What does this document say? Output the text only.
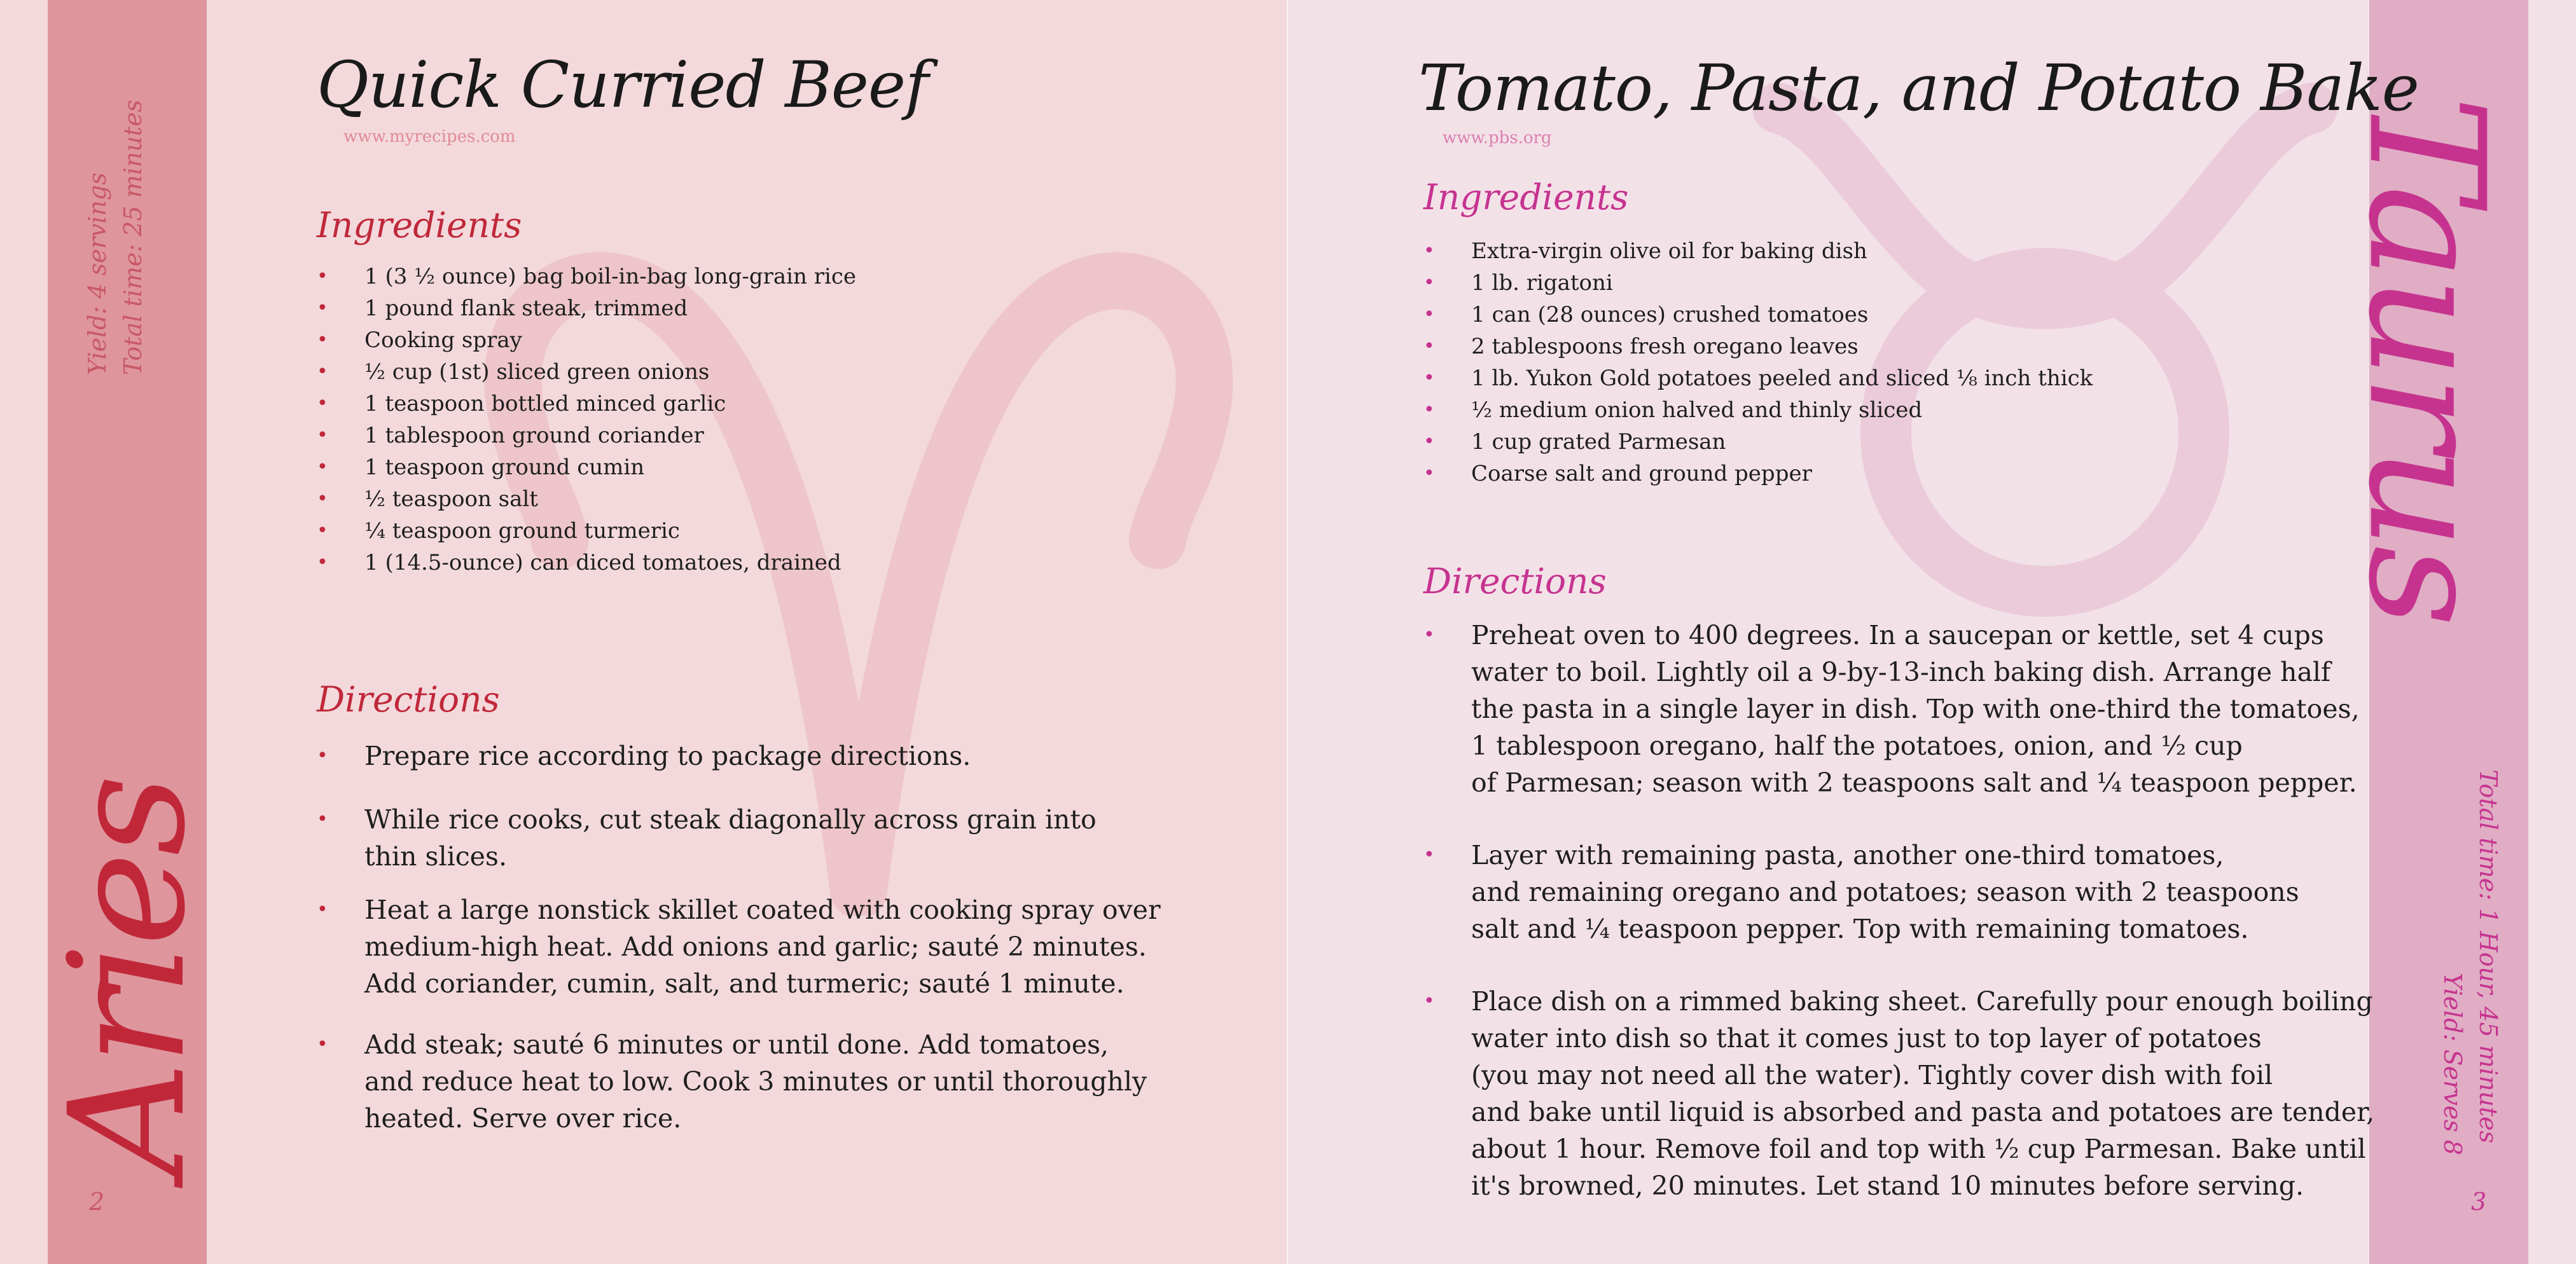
Yield: 4 servings Total time: 25 minutes
Aries
2
Quick Curried Beef
www.myrecipes.com
Ingredients
• 1 (3 ½ ounce) bag boil-in-bag long-grain rice
• 1 pound flank steak, trimmed
• Cooking spray
• ½ cup (1st) sliced green onions
• 1 teaspoon bottled minced garlic
• 1 tablespoon ground coriander
• 1 teaspoon ground cumin
• ½ teaspoon salt
• ¼ teaspoon ground turmeric
• 1 (14.5-ounce) can diced tomatoes, drained
Directions
• Prepare rice according to package directions.
• While rice cooks, cut steak diagonally across grain into
thin slices.
• Heat a large nonstick skillet coated with cooking spray over
medium-high heat. Add onions and garlic; sauté 2 minutes.
Add coriander, cumin, salt, and turmeric; sauté 1 minute.
• Add steak; sauté 6 minutes or until done. Add tomatoes,
and reduce heat to low. Cook 3 minutes or until thoroughly
heated. Serve over rice.
Tomato, Pasta, and Potato Bake
www.pbs.org
Ingredients
• Extra-virgin olive oil for baking dish
• 1 lb. rigatoni
• 1 can (28 ounces) crushed tomatoes
• 2 tablespoons fresh oregano leaves
• 1 lb. Yukon Gold potatoes peeled and sliced ⅛ inch thick
• ½ medium onion halved and thinly sliced
• 1 cup grated Parmesan
• Coarse salt and ground pepper
Directions
• Preheat oven to 400 degrees. In a saucepan or kettle, set 4 cups
water to boil. Lightly oil a 9-by-13-inch baking dish. Arrange half
the pasta in a single layer in dish. Top with one-third the tomatoes,
1 tablespoon oregano, half the potatoes, onion, and ½ cup
of Parmesan; season with 2 teaspoons salt and ¼ teaspoon pepper.
• Layer with remaining pasta, another one-third tomatoes,
and remaining oregano and potatoes; season with 2 teaspoons
salt and ¼ teaspoon pepper. Top with remaining tomatoes.
• Place dish on a rimmed baking sheet. Carefully pour enough boiling
water into dish so that it comes just to top layer of potatoes
(you may not need all the water). Tightly cover dish with foil
and bake until liquid is absorbed and pasta and potatoes are tender,
about 1 hour. Remove foil and top with ½ cup Parmesan. Bake until
it's browned, 20 minutes. Let stand 10 minutes before serving.
Taurus
Total time: 1 Hour, 45 minutes
Yield: Serves 8
3
